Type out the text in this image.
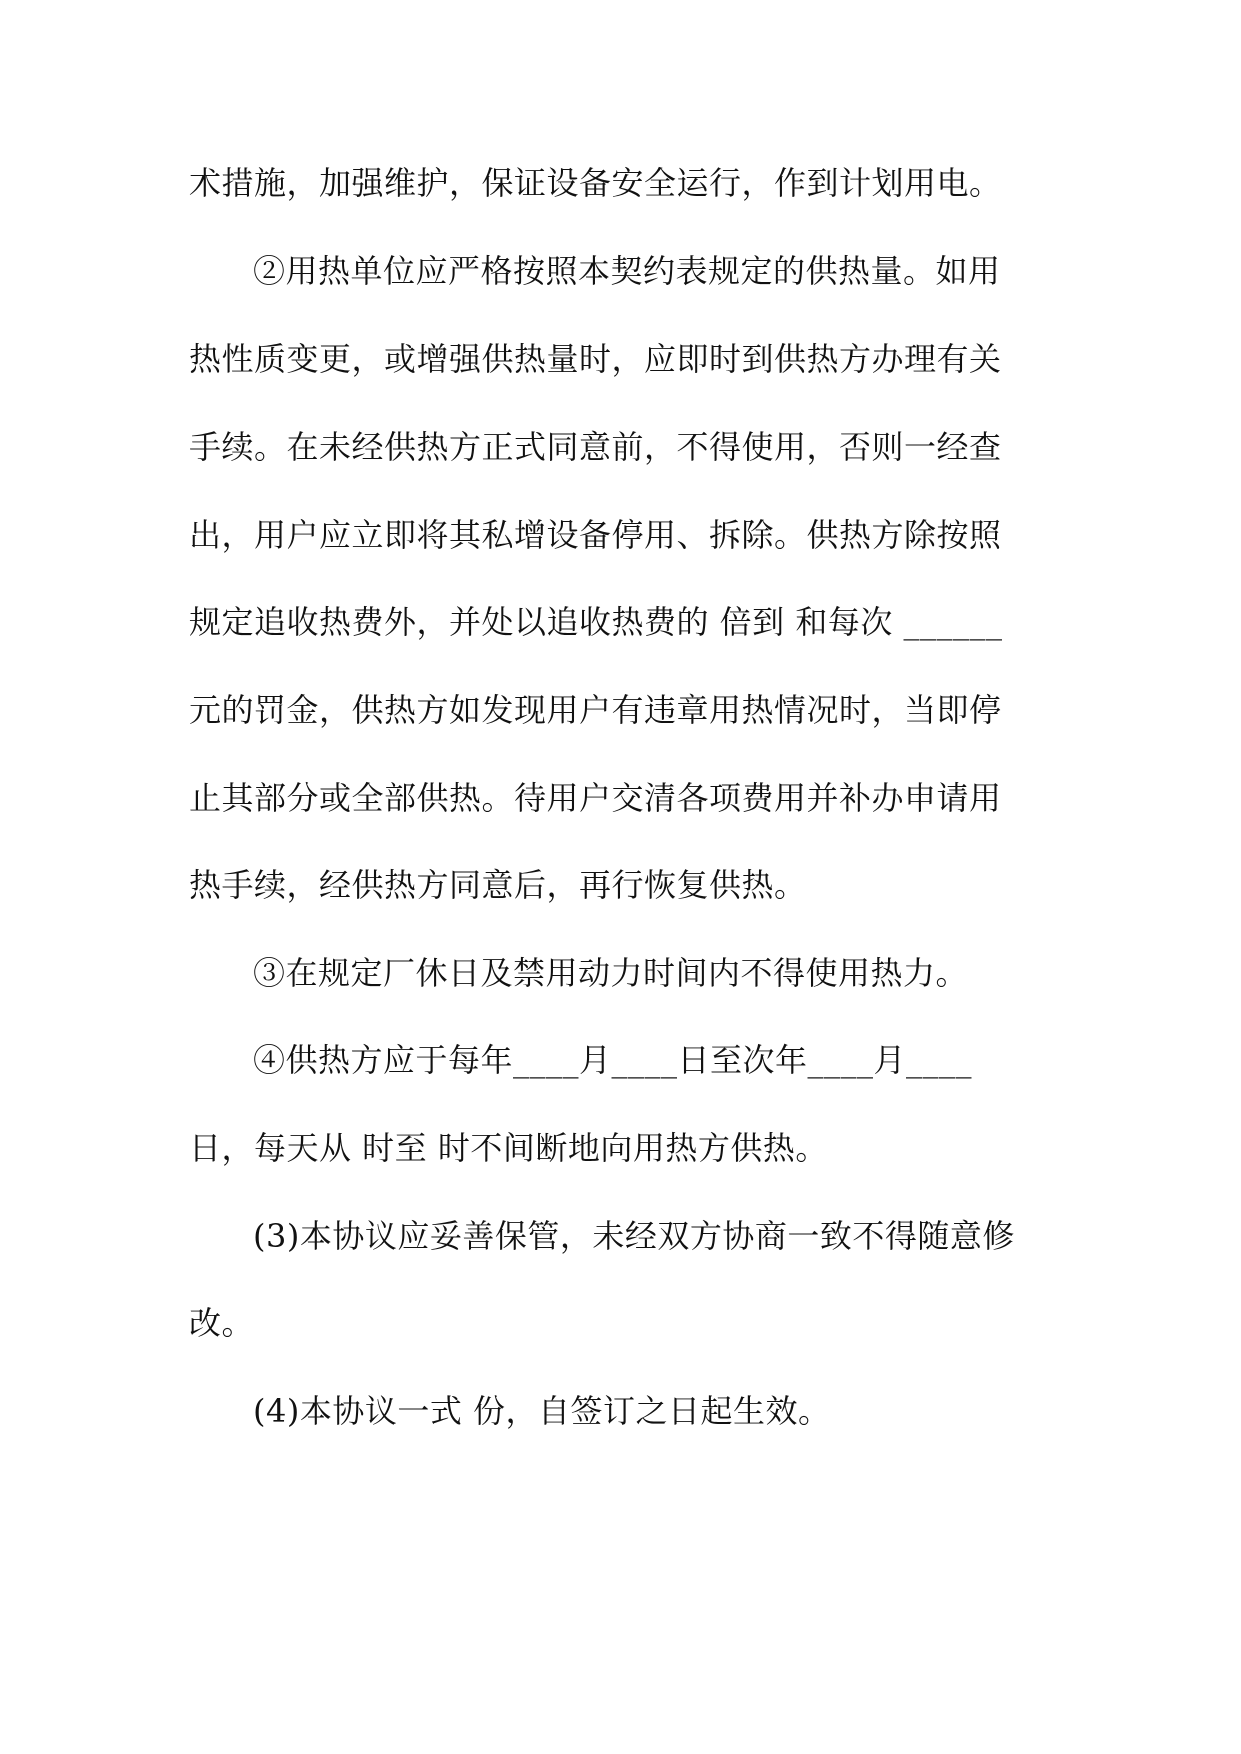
术措施，加强维护，保证设备安全运行，作到计划用电。
②用热单位应严格按照本契约表规定的供热量。如用
热性质变更，或增强供热量时，应即时到供热方办理有关
手续。在未经供热方正式同意前，不得使用，否则一经查
出，用户应立即将其私增设备停用、拆除。供热方除按照
规定追收热费外，并处以追收热费的 倍到 和每次 ______
元的罚金，供热方如发现用户有违章用热情况时，当即停
止其部分或全部供热。待用户交清各项费用并补办申请用
热手续，经供热方同意后，再行恢复供热。
③在规定厂休日及禁用动力时间内不得使用热力。
④供热方应于每年____月____日至次年____月____
日，每天从 时至 时不间断地向用热方供热。
(3)本协议应妥善保管，未经双方协商一致不得随意修
改。
(4)本协议一式 份，自签订之日起生效。
